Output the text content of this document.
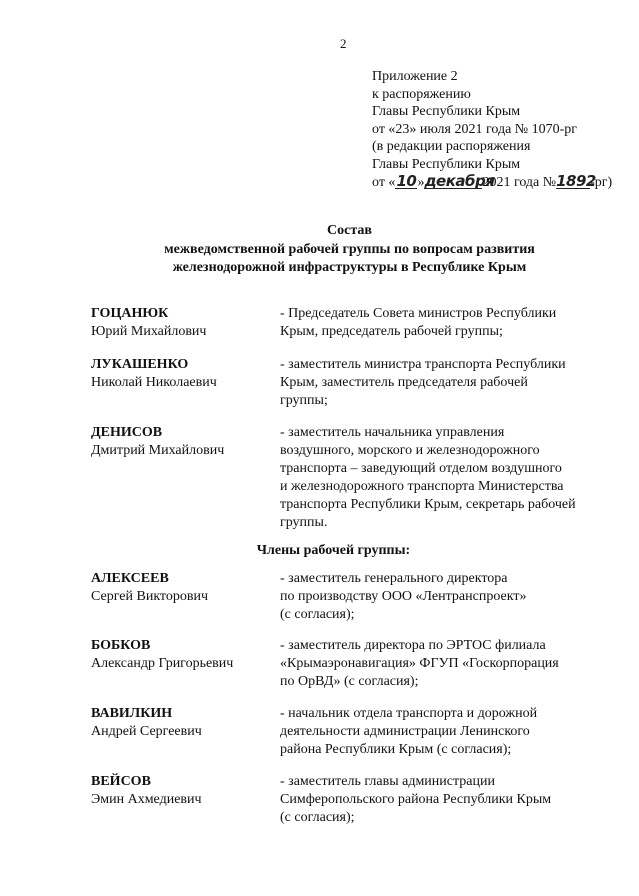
2
Приложение 2
к распоряжению
Главы Республики Крым
от «23» июля 2021 года № 1070-рг
(в редакции распоряжения
Главы Республики Крым
от «10»декабря2021 года №1892-рг)
Состав
межведомственной рабочей группы по вопросам развития
железнодорожной инфраструктуры в Республике Крым
ГОЦАНЮК
Юрий Михайлович
- Председатель Совета министров Республики
Крым, председатель рабочей группы;
ЛУКАШЕНКО
Николай Николаевич
- заместитель министра транспорта Республики
Крым, заместитель председателя рабочей
группы;
ДЕНИСОВ
Дмитрий Михайлович
- заместитель начальника управления
воздушного, морского и железнодорожного
транспорта – заведующий отделом воздушного
и железнодорожного транспорта Министерства
транспорта Республики Крым, секретарь рабочей
группы.
Члены рабочей группы:
АЛЕКСЕЕВ
Сергей Викторович
- заместитель генерального директора
по производству ООО «Лентранспроект»
(с согласия);
БОБКОВ
Александр Григорьевич
- заместитель директора по ЭРТОС филиала
«Крымаэронавигация» ФГУП «Госкорпорация
по ОрВД» (с согласия);
ВАВИЛКИН
Андрей Сергеевич
- начальник отдела транспорта и дорожной
деятельности администрации Ленинского
района Республики Крым (с согласия);
ВЕЙСОВ
Эмин Ахмедиевич
- заместитель главы администрации
Симферопольского района Республики Крым
(с согласия);
